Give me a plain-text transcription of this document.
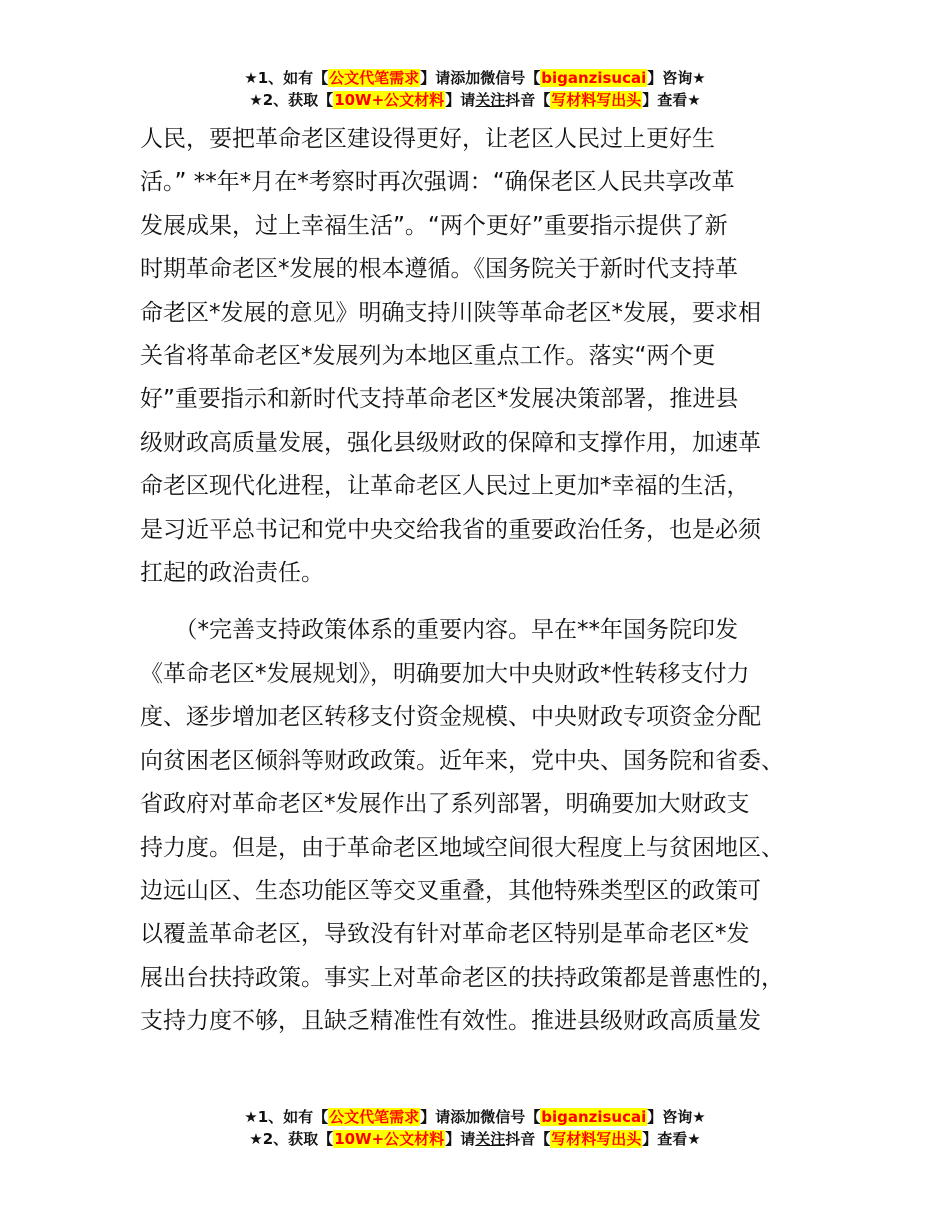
★1、如有【公文代笔需求】请添加微信号【biganzisucai】咨询★
★2、获取【10W+公文材料】请关注抖音【写材料写出头】查看★

人民，要把革命老区建设得更好，让老区人民过上更好生
活。” **年*月在*考察时再次强调：“确保老区人民共享改革
发展成果，过上幸福生活”。“两个更好”重要指示提供了新
时期革命老区*发展的根本遵循。《国务院关于新时代支持革
命老区*发展的意见》明确支持川陕等革命老区*发展，要求相
关省将革命老区*发展列为本地区重点工作。落实“两个更
好”重要指示和新时代支持革命老区*发展决策部署，推进县
级财政高质量发展，强化县级财政的保障和支撑作用，加速革
命老区现代化进程，让革命老区人民过上更加*幸福的生活，
是习近平总书记和党中央交给我省的重要政治任务，也是必须
扛起的政治责任。

　　（*完善支持政策体系的重要内容。早在**年国务院印发
《革命老区*发展规划》，明确要加大中央财政*性转移支付力
度、逐步增加老区转移支付资金规模、中央财政专项资金分配
向贫困老区倾斜等财政政策。近年来，党中央、国务院和省委、
省政府对革命老区*发展作出了系列部署，明确要加大财政支
持力度。但是，由于革命老区地域空间很大程度上与贫困地区、
边远山区、生态功能区等交叉重叠，其他特殊类型区的政策可
以覆盖革命老区，导致没有针对革命老区特别是革命老区*发
展出台扶持政策。事实上对革命老区的扶持政策都是普惠性的，
支持力度不够，且缺乏精准性有效性。推进县级财政高质量发

★1、如有【公文代笔需求】请添加微信号【biganzisucai】咨询★
★2、获取【10W+公文材料】请关注抖音【写材料写出头】查看★
